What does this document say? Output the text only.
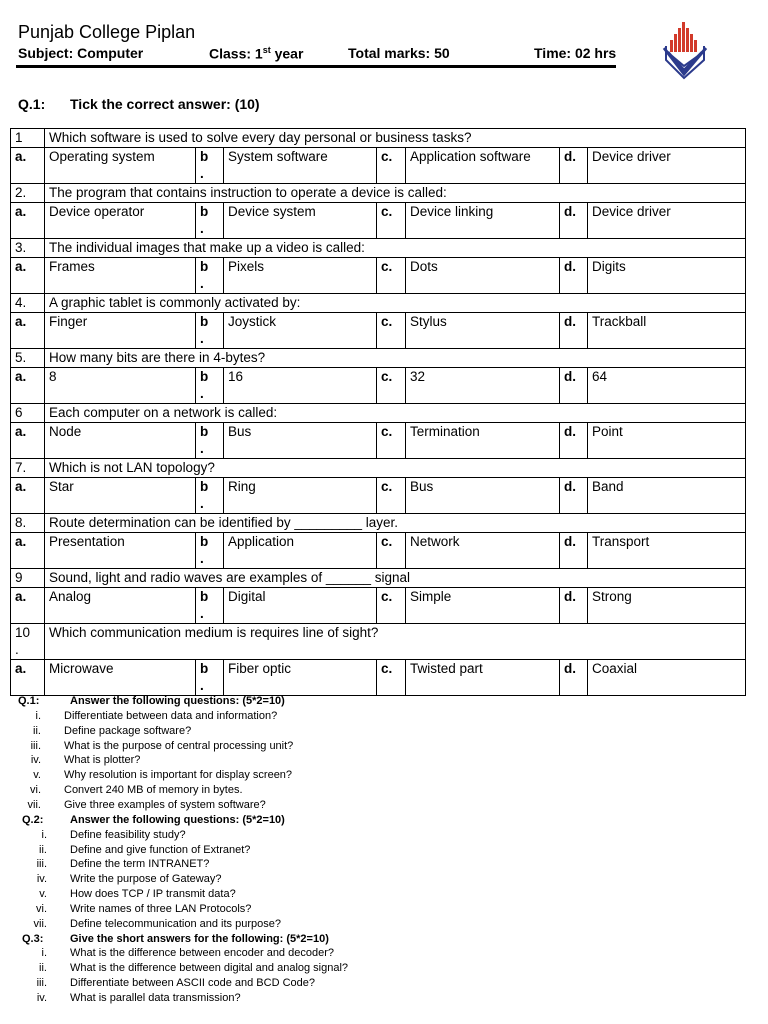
Punjab College Piplan
Subject: Computer	Class: 1st year	Total marks: 50	Time: 02 hrs
Q.1: Tick the correct answer: (10)
1	Which software is used to solve every day personal or business tasks?						
a.	Operating system	b
.	System software	c.	Application software	d.	Device driver
2.	The program that contains instruction to operate a device is called:						
a.	Device operator	b
.	Device system	c.	Device linking	d.	Device driver
3.	The individual images that make up a video is called:						
a.	Frames	b
.	Pixels	c.	Dots	d.	Digits
4.	A graphic tablet is commonly activated by:						
a.	Finger	b
.	Joystick	c.	Stylus	d.	Trackball
5.	How many bits are there in 4-bytes?						
a.	8	b
.	16	c.	32	d.	64
6	Each computer on a network is called:						
a.	Node	b
.	Bus	c.	Termination	d.	Point
7.	Which is not LAN topology?						
a.	Star	b
.	Ring	c.	Bus	d.	Band
8.	Route determination can be identified by _________ layer.						
a.	Presentation	b
.	Application	c.	Network	d.	Transport
9	Sound, light and radio waves are examples of ______ signal						
a.	Analog	b
.	Digital	c.	Simple	d.	Strong
10
.	Which communication medium is requires line of sight?						
a.	Microwave	b
.	Fiber optic	c.	Twisted part	d.	Coaxial
Q.1:	Answer the following questions: (5*2=10)
i. Differentiate between data and information?
ii. Define package software?
iii. What is the purpose of central processing unit?
iv. What is plotter?
v. Why resolution is important for display screen?
vi. Convert 240 MB of memory in bytes.
vii. Give three examples of system software?
Q.2: Answer the following questions: (5*2=10)
i. Define feasibility study?
ii. Define and give function of Extranet?
iii. Define the term INTRANET?
iv. Write the purpose of Gateway?
v. How does TCP / IP transmit data?
vi. Write names of three LAN Protocols?
vii. Define telecommunication and its purpose?
Q.3: Give the short answers for the following: (5*2=10)
i. What is the difference between encoder and decoder?
ii. What is the difference between digital and analog signal?
iii. Differentiate between ASCII code and BCD Code?
iv. What is parallel data transmission?
